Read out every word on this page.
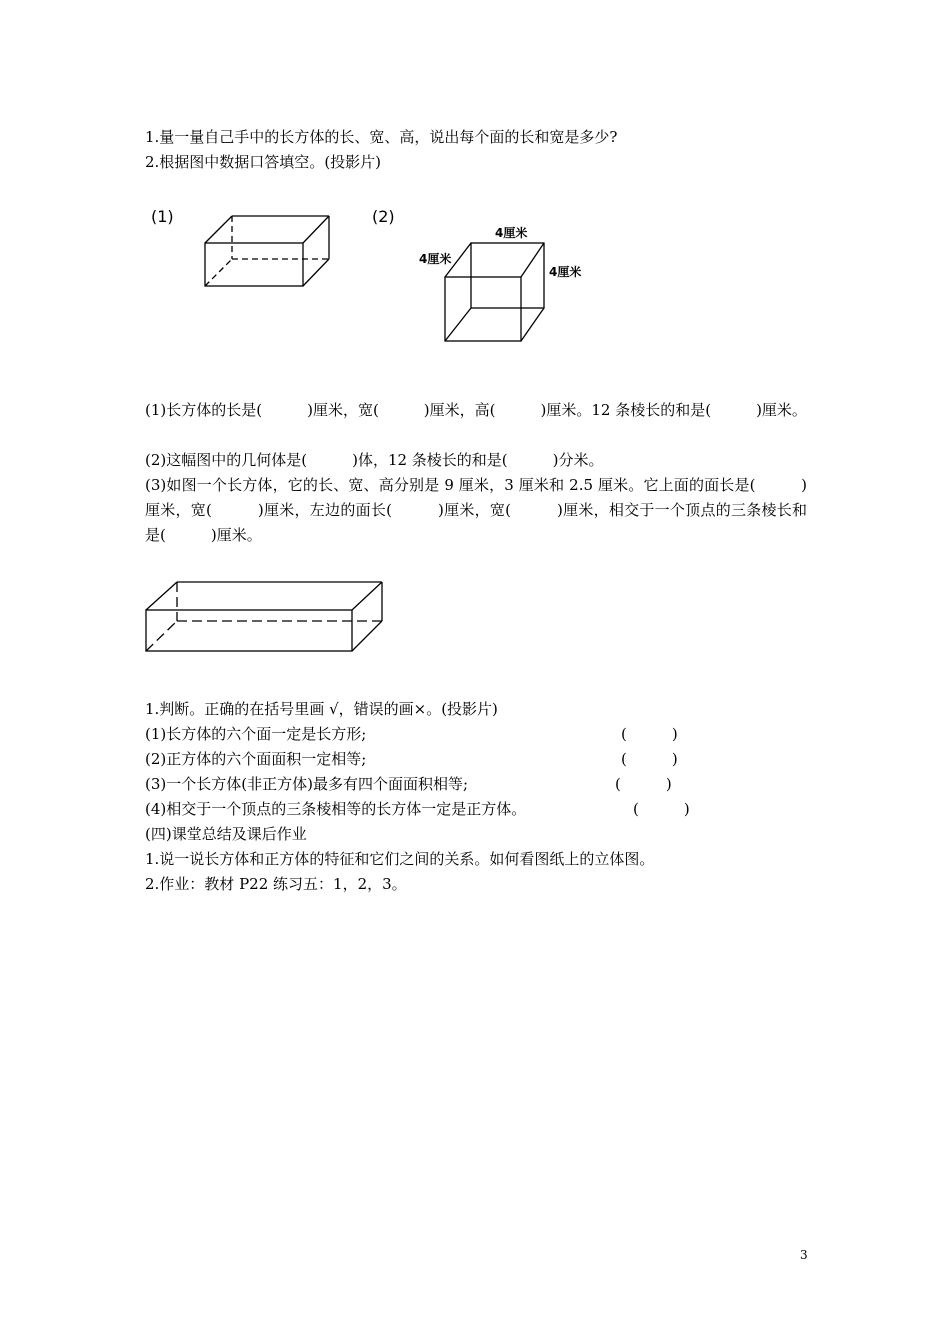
1.量一量自己手中的长方体的长、宽、高，说出每个面的长和宽是多少?
2.根据图中数据口答填空。(投影片)
(1)	(2)
4厘米
4厘米
4厘米
(1)长方体的长是(　　　)厘米，宽(　　　)厘米，高(　　　)厘米。12 条棱长的和是(　　　)厘米。
(2)这幅图中的几何体是(　　　)体，12 条棱长的和是(　　　)分米。
(3)如图一个长方体，它的长、宽、高分别是 9 厘米，3 厘米和 2.5 厘米。它上面的面长是(　　　)厘米，宽(　　　)厘米，左边的面长(　　　)厘米，宽(　　　)厘米，相交于一个顶点的三条棱长和是(　　　)厘米。
1.判断。正确的在括号里画 √，错误的画×。(投影片)
(1)长方体的六个面一定是长方形;	(　　　)
(2)正方体的六个面面积一定相等;	(　　　)
(3)一个长方体(非正方体)最多有四个面面积相等;	(　　　)
(4)相交于一个顶点的三条棱相等的长方体一定是正方体。	(　　　)
(四)课堂总结及课后作业
1.说一说长方体和正方体的特征和它们之间的关系。如何看图纸上的立体图。
2.作业：教材 P22 练习五：1，2，3。
3
